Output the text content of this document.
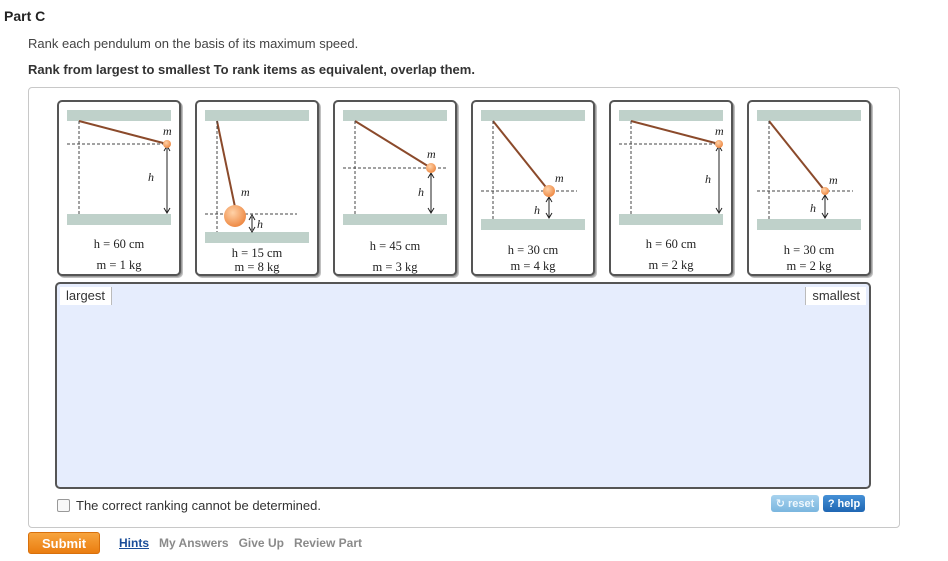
Part C
Rank each pendulum on the basis of its maximum speed.
Rank from largest to smallest To rank items as equivalent, overlap them.
m
h
h = 60 cm
m = 1 kg
m
h
h = 15 cm
m = 8 kg
m
h
h = 45 cm
m = 3 kg
m
h
h = 30 cm
m = 4 kg
m
h
h = 60 cm
m = 2 kg
m
h
h = 30 cm
m = 2 kg
largest	smallest
The correct ranking cannot be determined.	↻ reset ? help
Submit	Hints My Answers Give Up Review Part
